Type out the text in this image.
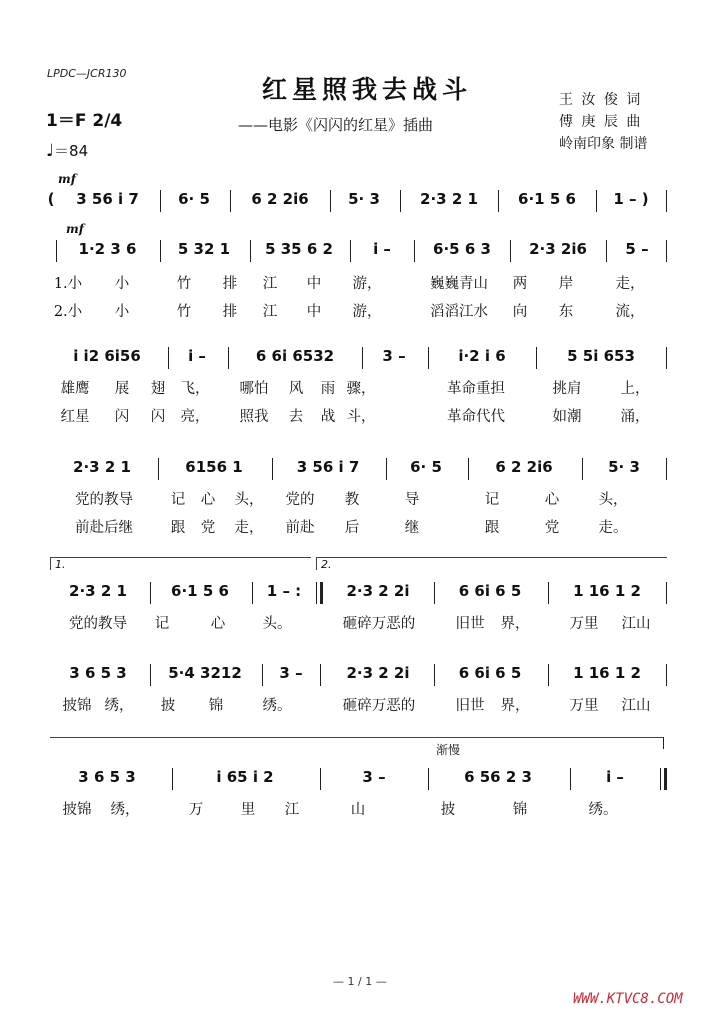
LPDC—JCR130
红星照我去战斗
——电影《闪闪的红星》插曲
王 汝 俊 词
傅 庚 辰 曲
岭南印象 制谱
1＝F 2/4
♩＝84
mf
(	3 56 i 7	6· 5	6 2 2i6	5· 3	2·3 2 1	6·1 5 6	1 – )
mf
1·2 3 6	5 32 1	5 35 6 2	i –	6·5 6 3	2·3 2i6	5 –
1.小	小	竹	排	江	中	游，	巍巍青山	两	岸	走，
2.小	小	竹	排	江	中	游，	滔滔江水	向	东	流，
i i2 6i56	i –	6 6i 6532	3 –	i·2 i 6	5 5i 653
雄鹰	展	翅	飞，	哪怕	风	雨 骤，	革命重担	挑肩	上，
红星	闪	闪	亮，	照我	去	战 斗，	革命代代	如潮	涌，
2·3 2 1	6156 1	3 56 i 7	6· 5	6 2 2i6	5· 3
党的教导	记	心	头，	党的	教	导	记	心	头，
前赴后继	跟	党	走，	前赴	后	继	跟	党	走。
1.	2.
2·3 2 1	6·1 5 6	1 – :	2·3 2 2i	6 6i 6 5	1 16 1 2
党的教导	记	心	头。	砸碎万恶的	旧世	界，	万里	江山
3 6 5 3	5·4 3212	3 –	2·3 2 2i	6 6i 6 5	1 16 1 2
披锦 绣，	披	锦	绣。	砸碎万恶的	旧世	界，	万里	江山
渐慢
3 6 5 3	i 65 i 2	3 –	6 56 2 3	i –
披锦	绣，	万	里	江	山	披	锦	绣。
— 1 / 1 —
WWW.KTVC8.COM
